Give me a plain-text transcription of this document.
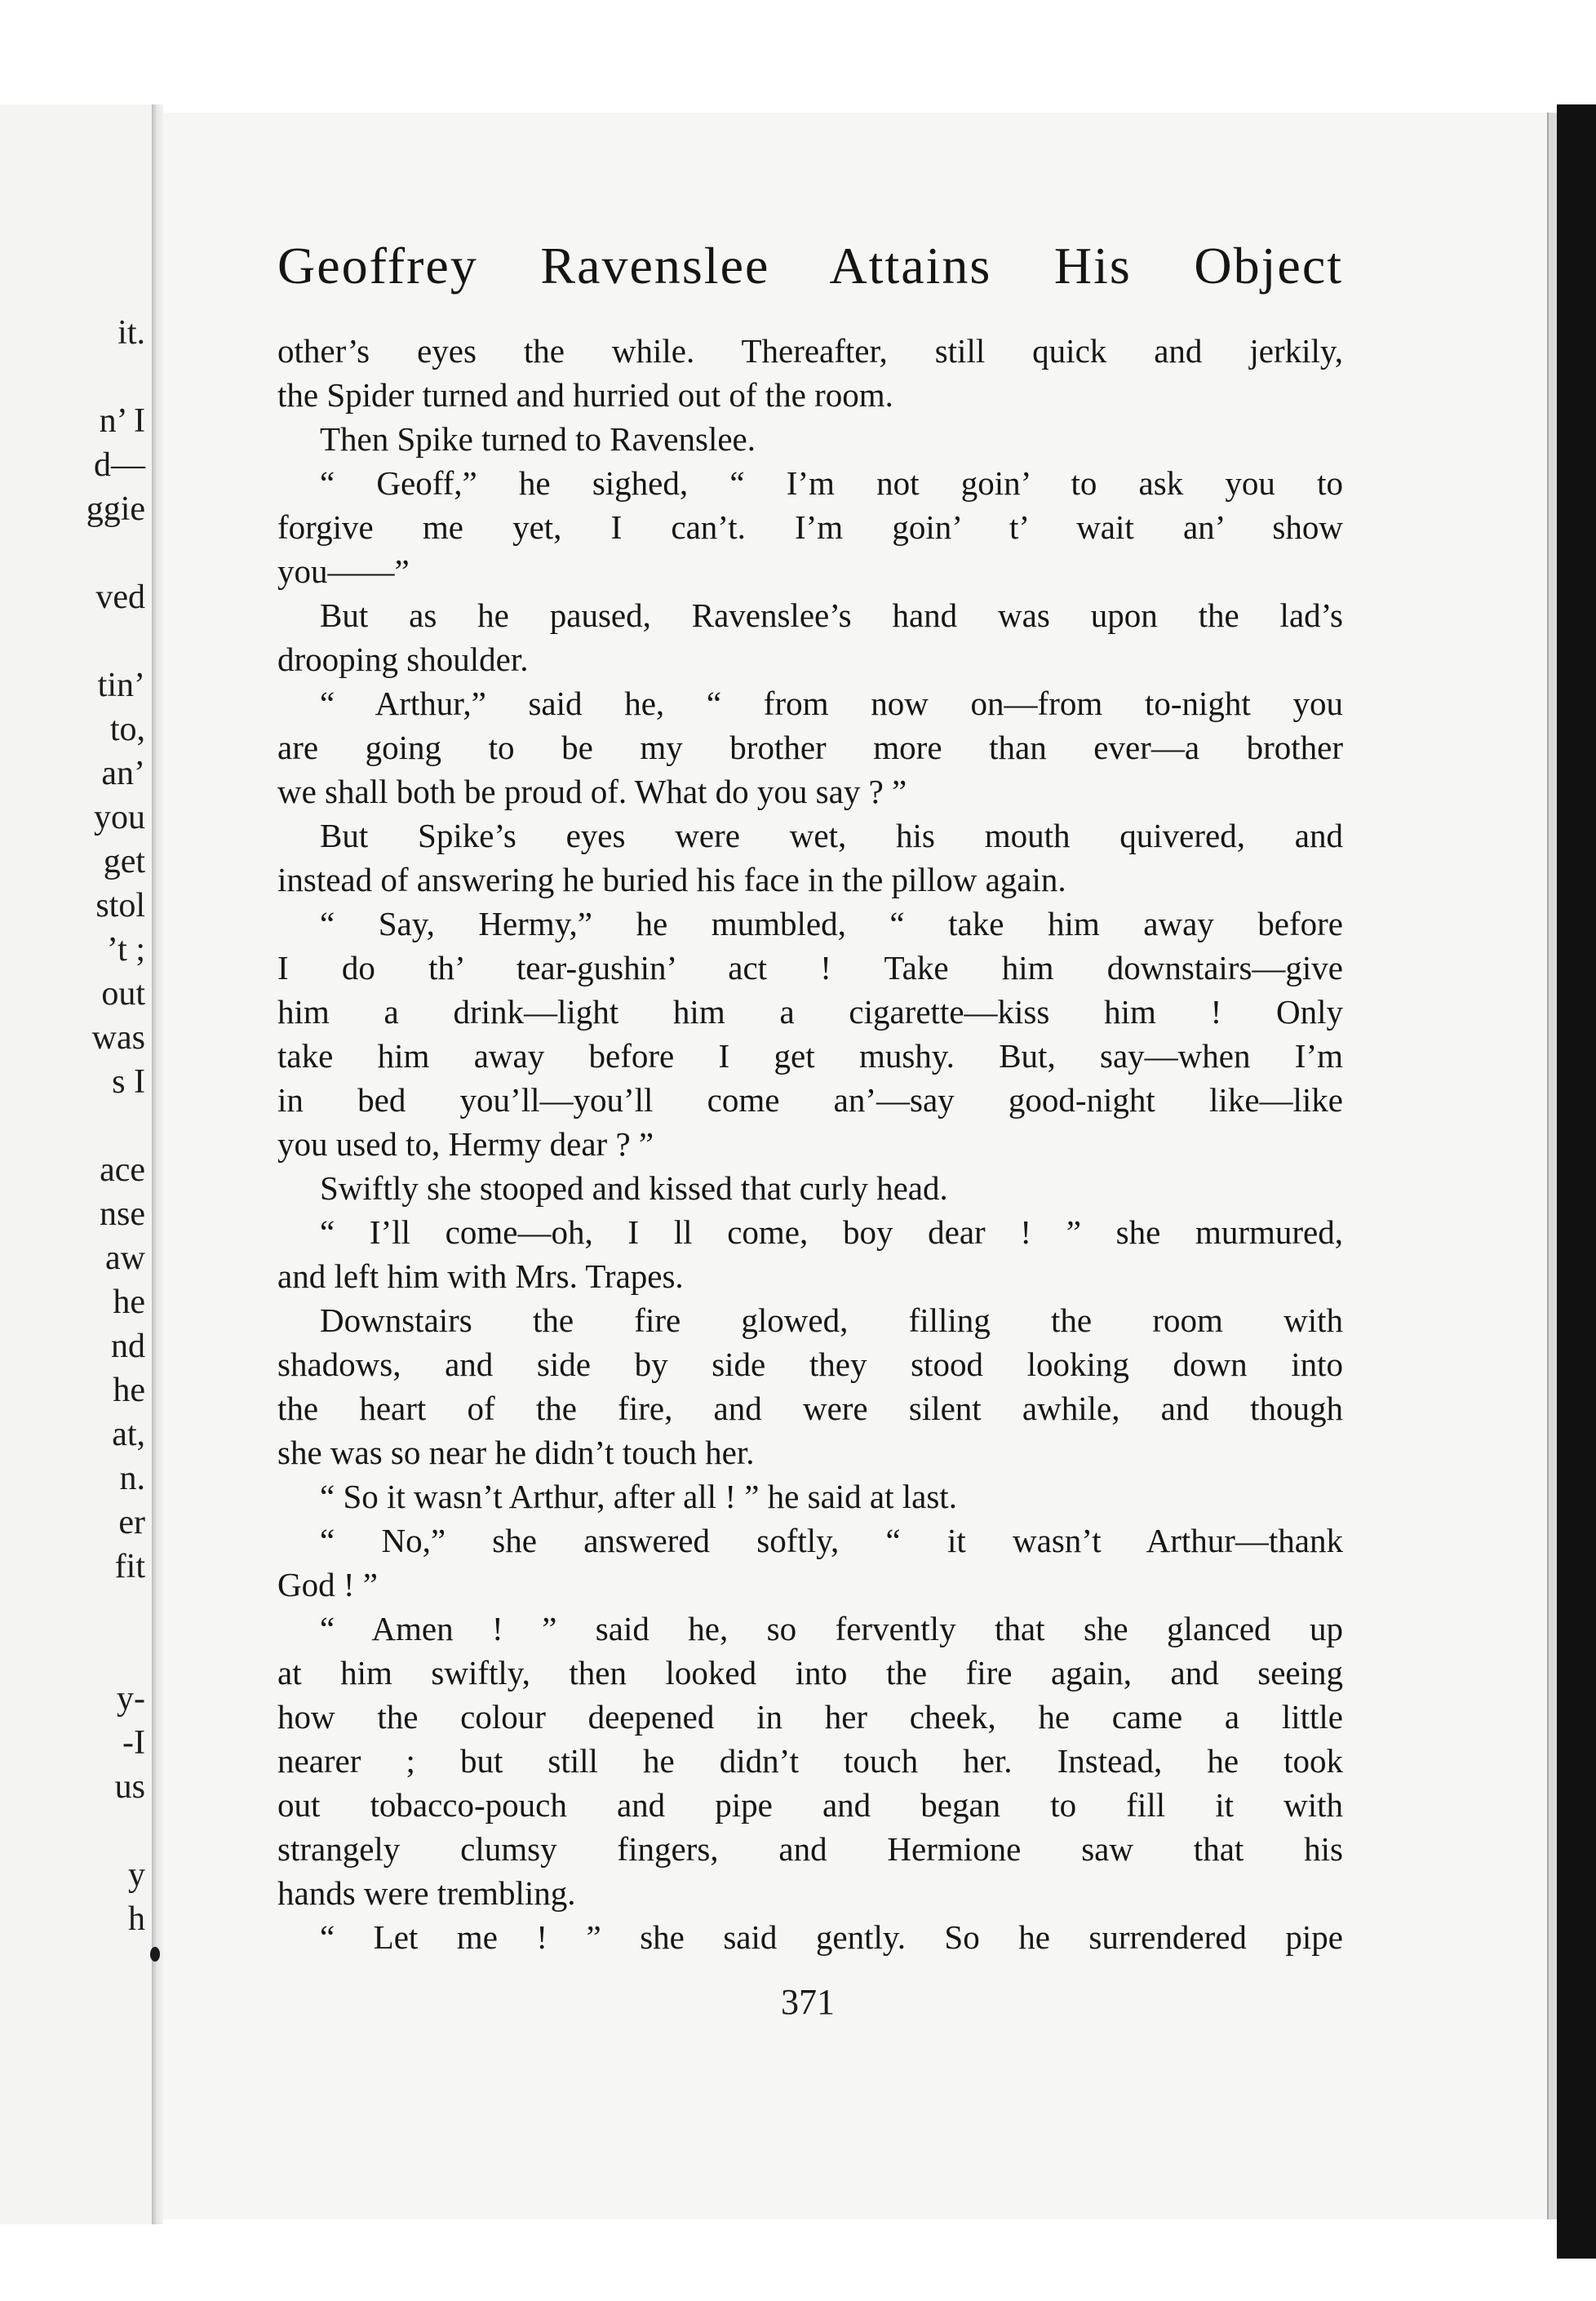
it.
n’ I
d—
ggie
ved
tin’
to,
an’
you
get
stol
’t ;
out
was
s I
ace
nse
aw
he
nd
he
at,
n.
er
fit
y-
-I
us
y
h
Geoffrey Ravenslee Attains His Object
other’s eyes the while. Thereafter, still quick and jerkily,
the Spider turned and hurried out of the room.
Then Spike turned to Ravenslee.
“ Geoff,” he sighed, “ I’m not goin’ to ask you to
forgive me yet, I can’t. I’m goin’ t’ wait an’ show
you——”
But as he paused, Ravenslee’s hand was upon the lad’s
drooping shoulder.
“ Arthur,” said he, “ from now on—from to-night you
are going to be my brother more than ever—a brother
we shall both be proud of. What do you say ? ”
But Spike’s eyes were wet, his mouth quivered, and
instead of answering he buried his face in the pillow again.
“ Say, Hermy,” he mumbled, “ take him away before
I do th’ tear-gushin’ act ! Take him downstairs—give
him a drink—light him a cigarette—kiss him ! Only
take him away before I get mushy. But, say—when I’m
in bed you’ll—you’ll come an’—say good-night like—like
you used to, Hermy dear ? ”
Swiftly she stooped and kissed that curly head.
“ I’ll come—oh, I ll come, boy dear ! ” she murmured,
and left him with Mrs. Trapes.
Downstairs the fire glowed, filling the room with
shadows, and side by side they stood looking down into
the heart of the fire, and were silent awhile, and though
she was so near he didn’t touch her.
“ So it wasn’t Arthur, after all ! ” he said at last.
“ No,” she answered softly, “ it wasn’t Arthur—thank
God ! ”
“ Amen ! ” said he, so fervently that she glanced up
at him swiftly, then looked into the fire again, and seeing
how the colour deepened in her cheek, he came a little
nearer ; but still he didn’t touch her. Instead, he took
out tobacco-pouch and pipe and began to fill it with
strangely clumsy fingers, and Hermione saw that his
hands were trembling.
“ Let me ! ” she said gently. So he surrendered pipe
371
